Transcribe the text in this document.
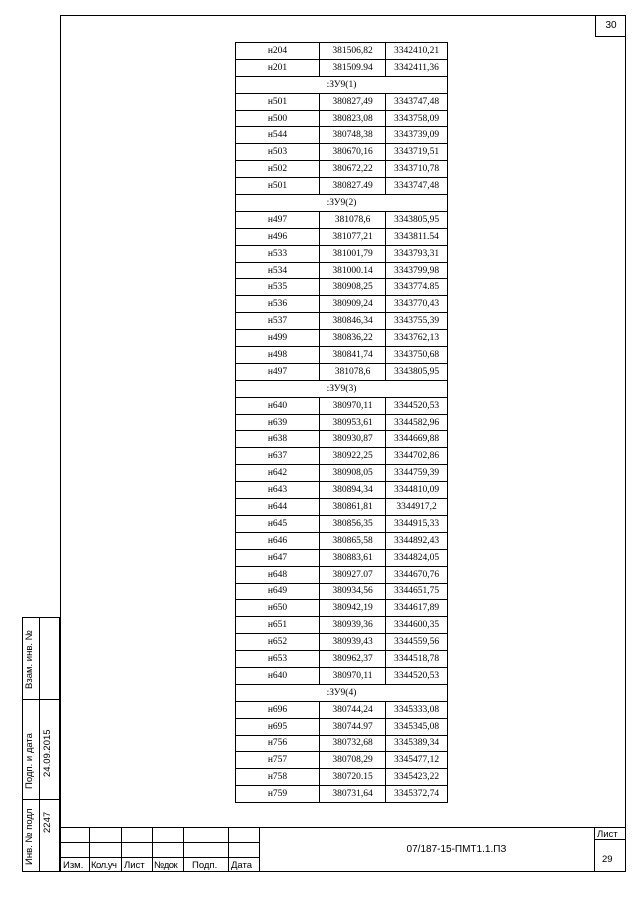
30
н204	381506,82	3342410,21
н201	381509.94	3342411,36
:ЗУ9(1)		
н501	380827,49	3343747,48
н500	380823,08	3343758,09
н544	380748,38	3343739,09
н503	380670,16	3343719,51
н502	380672,22	3343710,78
н501	380827.49	3343747,48
:ЗУ9(2)		
н497	381078,6	3343805,95
н496	381077,21	3343811.54
н533	381001,79	3343793,31
н534	381000.14	3343799,98
н535	380908,25	3343774.85
н536	380909,24	3343770,43
н537	380846,34	3343755,39
н499	380836,22	3343762,13
н498	380841,74	3343750,68
н497	381078,6	3343805,95
:ЗУ9(3)		
н640	380970,11	3344520,53
н639	380953,61	3344582,96
н638	380930,87	3344669,88
н637	380922,25	3344702,86
н642	380908,05	3344759,39
н643	380894,34	3344810,09
н644	380861,81	3344917,2
н645	380856,35	3344915,33
н646	380865,58	3344892,43
н647	380883,61	3344824,05
н648	380927.07	3344670,76
н649	380934,56	3344651,75
н650	380942,19	3344617,89
н651	380939,36	3344600,35
н652	380939,43	3344559,56
н653	380962,37	3344518,78
н640	380970,11	3344520,53
:ЗУ9(4)		
н696	380744,24	3345333,08
н695	380744.97	3345345,08
н756	380732,68	3345389,34
н757	380708,29	3345477,12
н758	380720.15	3345423,22
н759	380731,64	3345372,74
Взам. инв. №
Подп. и дата 24.09.2015
Инв. № подл 2247
Изм. Кол.уч Лист №док Подп. Дата
07/187-15-ПМТ1.1.ПЗ
Лист
29
